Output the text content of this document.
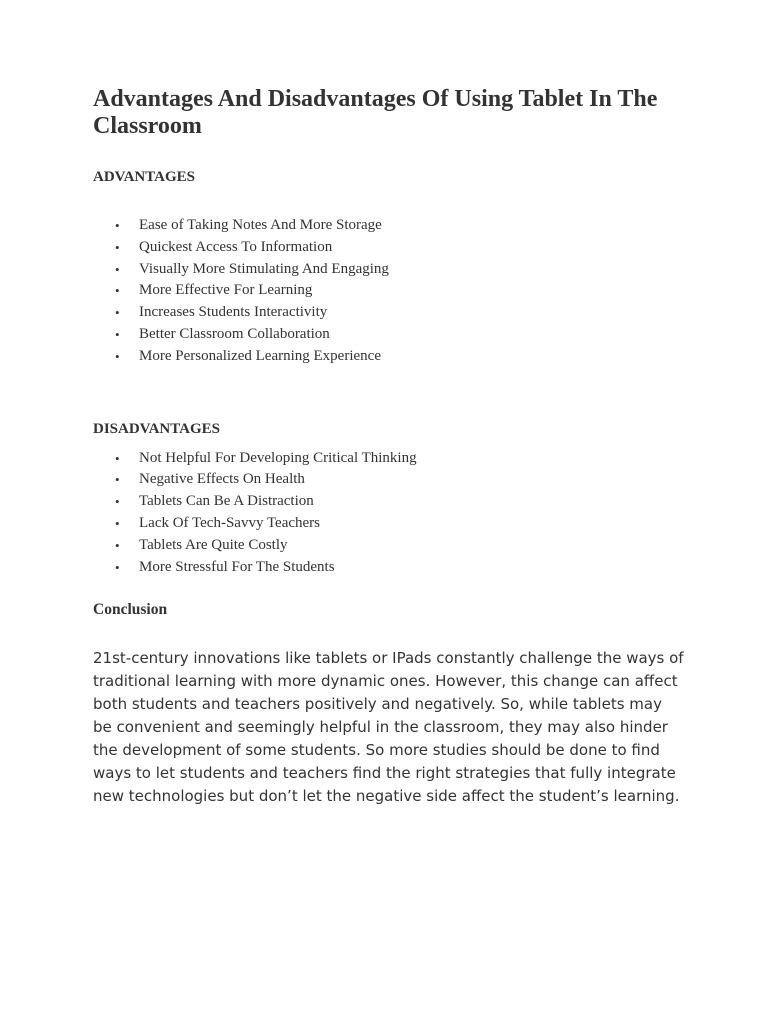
Advantages And Disadvantages Of Using Tablet In The Classroom
ADVANTAGES
•	Ease of Taking Notes And More Storage
•	Quickest Access To Information
•	Visually More Stimulating And Engaging
•	More Effective For Learning
•	Increases Students Interactivity
•	Better Classroom Collaboration
•	More Personalized Learning Experience
DISADVANTAGES
•	Not Helpful For Developing Critical Thinking
•	Negative Effects On Health
•	Tablets Can Be A Distraction
•	Lack Of Tech-Savvy Teachers
•	Tablets Are Quite Costly
•	More Stressful For The Students
Conclusion

21st-century innovations like tablets or IPads constantly challenge the ways of traditional learning with more dynamic ones. However, this change can affect both students and teachers positively and negatively. So, while tablets may be convenient and seemingly helpful in the classroom, they may also hinder the development of some students. So more studies should be done to find ways to let students and teachers find the right strategies that fully integrate new technologies but don’t let the negative side affect the student’s learning.
